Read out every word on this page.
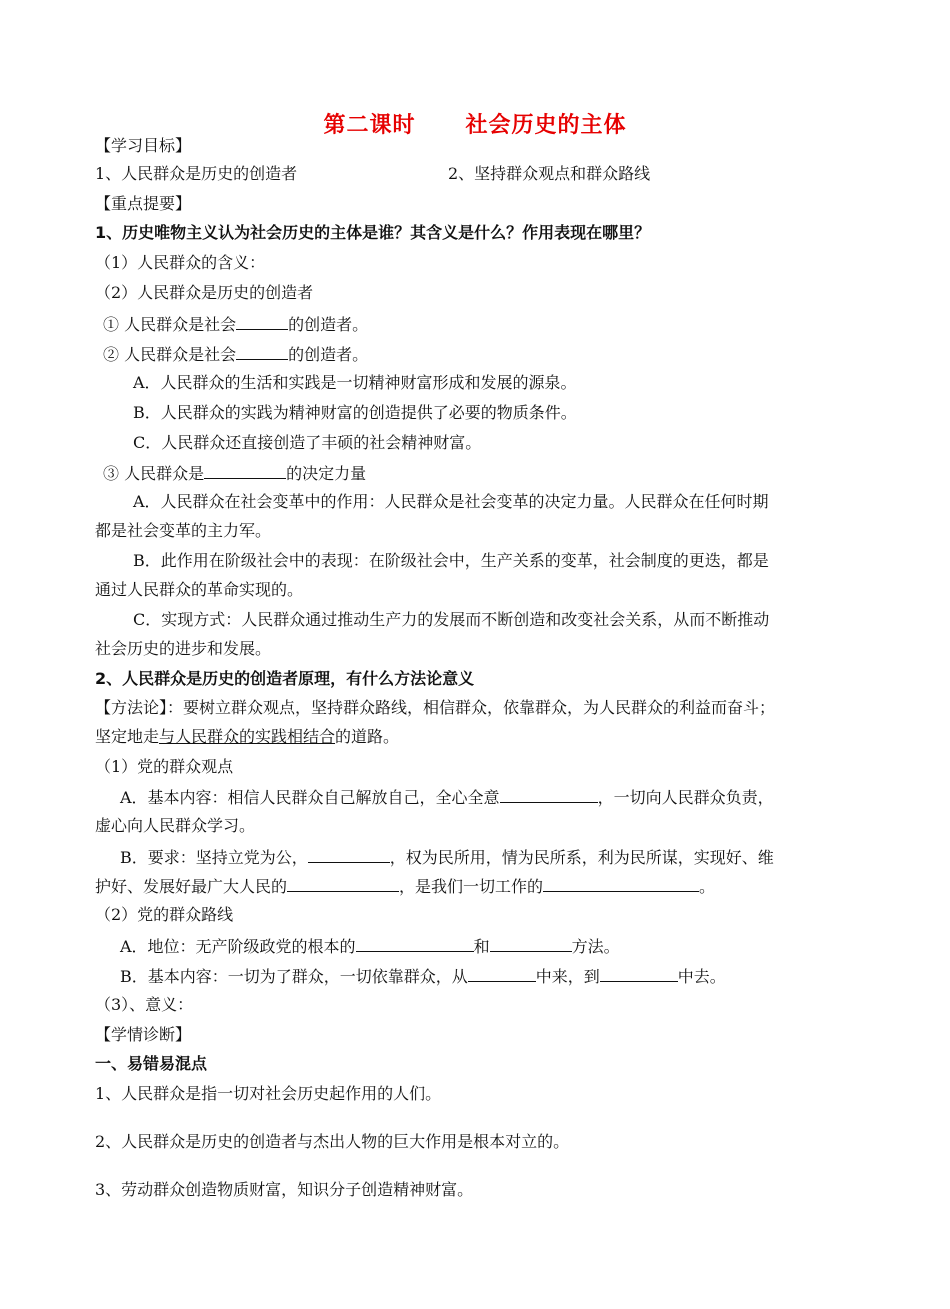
第二课时 社会历史的主体
【学习目标】
1、人民群众是历史的创造者	2、坚持群众观点和群众路线
【重点提要】
1、历史唯物主义认为社会历史的主体是谁？其含义是什么？作用表现在哪里？
（1）人民群众的含义：
（2）人民群众是历史的创造者
① 人民群众是社会	的创造者。
② 人民群众是社会	的创造者。
A．人民群众的生活和实践是一切精神财富形成和发展的源泉。
B．人民群众的实践为精神财富的创造提供了必要的物质条件。
C．人民群众还直接创造了丰硕的社会精神财富。
③ 人民群众是	的决定力量
A．人民群众在社会变革中的作用：人民群众是社会变革的决定力量。人民群众在任何时期
都是社会变革的主力军。
B．此作用在阶级社会中的表现：在阶级社会中，生产关系的变革，社会制度的更迭，都是
通过人民群众的革命实现的。
C．实现方式：人民群众通过推动生产力的发展而不断创造和改变社会关系，从而不断推动
社会历史的进步和发展。
2、人民群众是历史的创造者原理，有什么方法论意义
【方法论】：要树立群众观点，坚持群众路线，相信群众，依靠群众，为人民群众的利益而奋斗；
坚定地走与人民群众的实践相结合的道路。
（1）党的群众观点
A．基本内容：相信人民群众自己解放自己，全心全意	，一切向人民群众负责，
虚心向人民群众学习。
B．要求：坚持立党为公，	，权为民所用，情为民所系，利为民所谋，实现好、维
护好、发展好最广大人民的	，是我们一切工作的	。
（2）党的群众路线
A．地位：无产阶级政党的根本的	和	方法。
B．基本内容：一切为了群众，一切依靠群众，从	中来，到	中去。
（3）、意义：
【学情诊断】
一、易错易混点
1、人民群众是指一切对社会历史起作用的人们。
2、人民群众是历史的创造者与杰出人物的巨大作用是根本对立的。
3、劳动群众创造物质财富，知识分子创造精神财富。
